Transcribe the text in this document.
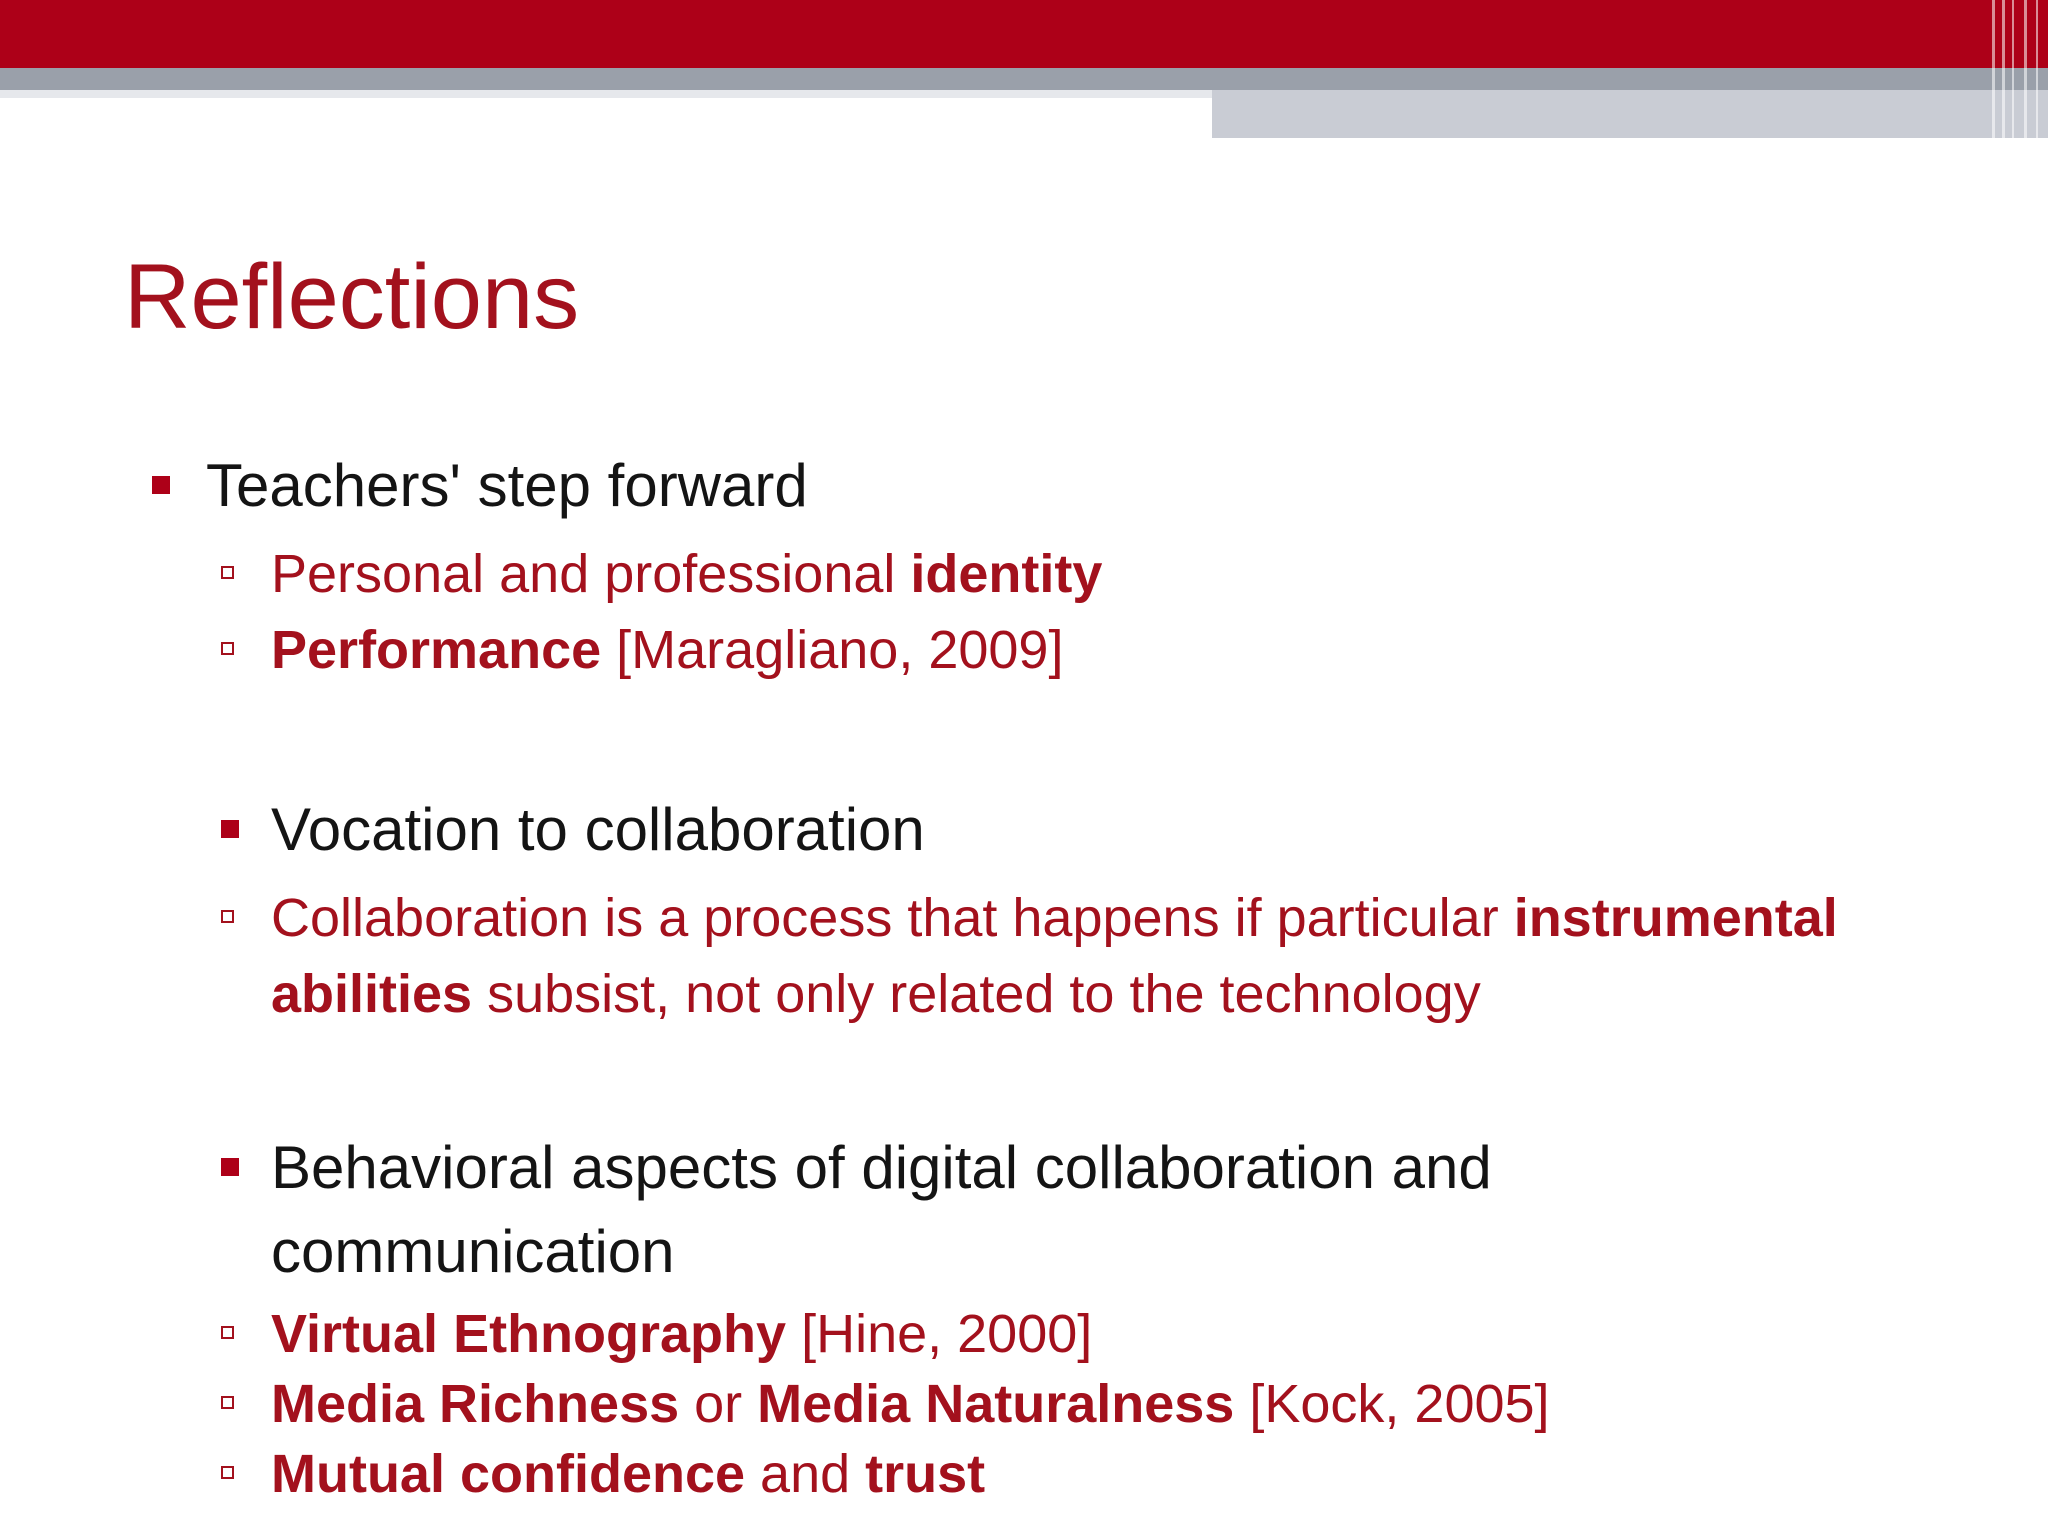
Reflections
Teachers' step forward
Personal and professional identity
Performance [Maragliano, 2009]
Vocation to collaboration
Collaboration is a process that happens if particular instrumental
abilities subsist, not only related to the technology
Behavioral aspects of digital collaboration and
communication
Virtual Ethnography [Hine, 2000]
Media Richness or Media Naturalness [Kock, 2005]
Mutual confidence and trust
